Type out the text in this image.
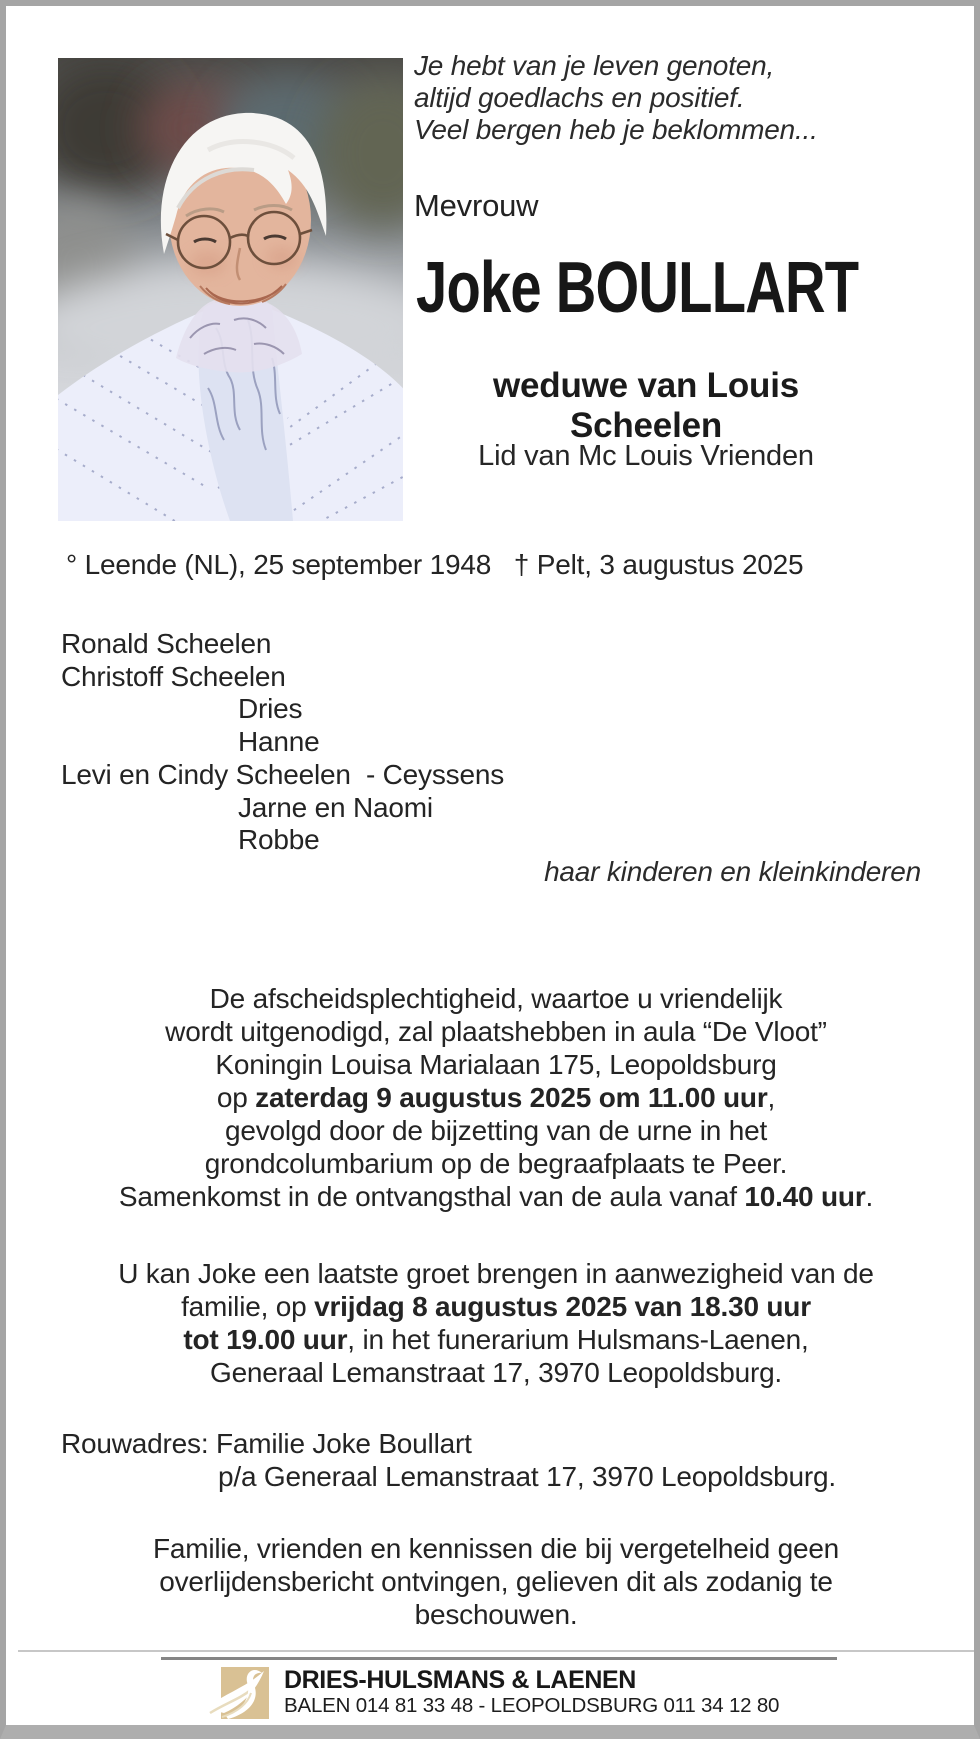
Je hebt van je leven genoten,
altijd goedlachs en positief.
Veel bergen heb je beklommen...
Mevrouw
Joke BOULLART
weduwe van Louis Scheelen
Lid van Mc Louis Vrienden
° Leende (NL), 25 september 1948   † Pelt, 3 augustus 2025
Ronald Scheelen
Christoff Scheelen
Dries
Hanne
Levi en Cindy Scheelen  - Ceyssens
Jarne en Naomi
Robbe
haar kinderen en kleinkinderen
De afscheidsplechtigheid, waartoe u vriendelijk
wordt uitgenodigd, zal plaatshebben in aula “De Vloot”
Koningin Louisa Marialaan 175, Leopoldsburg
op zaterdag 9 augustus 2025 om 11.00 uur,
gevolgd door de bijzetting van de urne in het
grondcolumbarium op de begraafplaats te Peer.
Samenkomst in de ontvangsthal van de aula vanaf 10.40 uur.
U kan Joke een laatste groet brengen in aanwezigheid van de
familie, op vrijdag 8 augustus 2025 van 18.30 uur
tot 19.00 uur, in het funerarium Hulsmans-Laenen,
Generaal Lemanstraat 17, 3970 Leopoldsburg.
Rouwadres: Familie Joke Boullart
p/a Generaal Lemanstraat 17, 3970 Leopoldsburg.
Familie, vrienden en kennissen die bij vergetelheid geen
overlijdensbericht ontvingen, gelieven dit als zodanig te
beschouwen.
DRIES-HULSMANS & LAENEN
BALEN 014 81 33 48 - LEOPOLDSBURG 011 34 12 80
